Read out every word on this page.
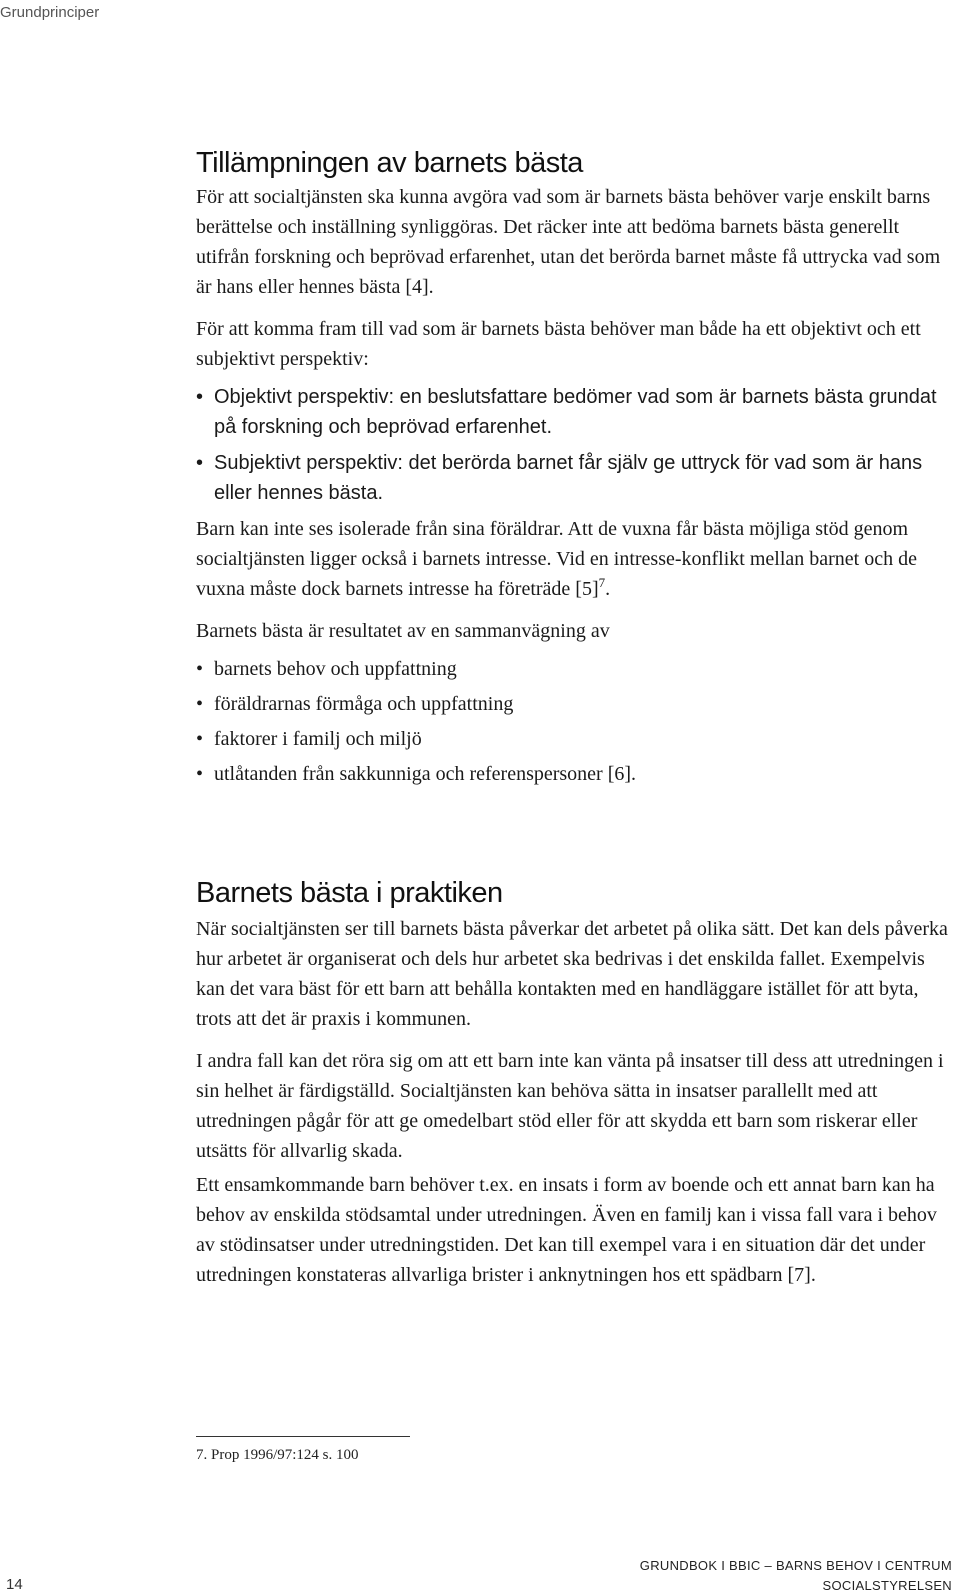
Grundprinciper
Tillämpningen av barnets bästa

För att socialtjänsten ska kunna avgöra vad som är barnets bästa behöver varje enskilt barns berättelse och inställning synliggöras. Det räcker inte att bedöma barnets bästa generellt utifrån forskning och beprövad erfarenhet, utan det berörda barnet måste få uttrycka vad som är hans eller hennes bästa [4].

För att komma fram till vad som är barnets bästa behöver man både ha ett objektivt och ett subjektivt perspektiv:

• Objektivt perspektiv: en beslutsfattare bedömer vad som är barnets bästa grundat på forskning och beprövad erfarenhet.
• Subjektivt perspektiv: det berörda barnet får själv ge uttryck för vad som är hans eller hennes bästa.

Barn kan inte ses isolerade från sina föräldrar. Att de vuxna får bästa möjliga stöd genom socialtjänsten ligger också i barnets intresse. Vid en intresse-konflikt mellan barnet och de vuxna måste dock barnets intresse ha företräde $[5]^7$.

Barnets bästa är resultatet av en sammanvägning av

• barnets behov och uppfattning
• föräldrarnas förmåga och uppfattning
• faktorer i familj och miljö
• utlåtanden från sakkunniga och referenspersoner [6].
Barnets bästa i praktiken

När socialtjänsten ser till barnets bästa påverkar det arbetet på olika sätt. Det kan dels påverka hur arbetet är organiserat och dels hur arbetet ska bedrivas i det enskilda fallet. Exempelvis kan det vara bäst för ett barn att behålla kontakten med en handläggare istället för att byta, trots att det är praxis i kommunen.

I andra fall kan det röra sig om att ett barn inte kan vänta på insatser till dess att utredningen i sin helhet är färdigställd. Socialtjänsten kan behöva sätta in insatser parallellt med att utredningen pågår för att ge omedelbart stöd eller för att skydda ett barn som riskerar eller utsätts för allvarlig skada.

Ett ensamkommande barn behöver t.ex. en insats i form av boende och ett annat barn kan ha behov av enskilda stödsamtal under utredningen. Även en familj kan i vissa fall vara i behov av stödinsatser under utredningstiden. Det kan till exempel vara i en situation där det under utredningen konstateras allvarliga brister i anknytningen hos ett spädbarn [7].

7. Prop 1996/97:124 s. 100
14
GRUNDBOK I BBIC – BARNS BEHOV I CENTRUM
SOCIALSTYRELSEN
